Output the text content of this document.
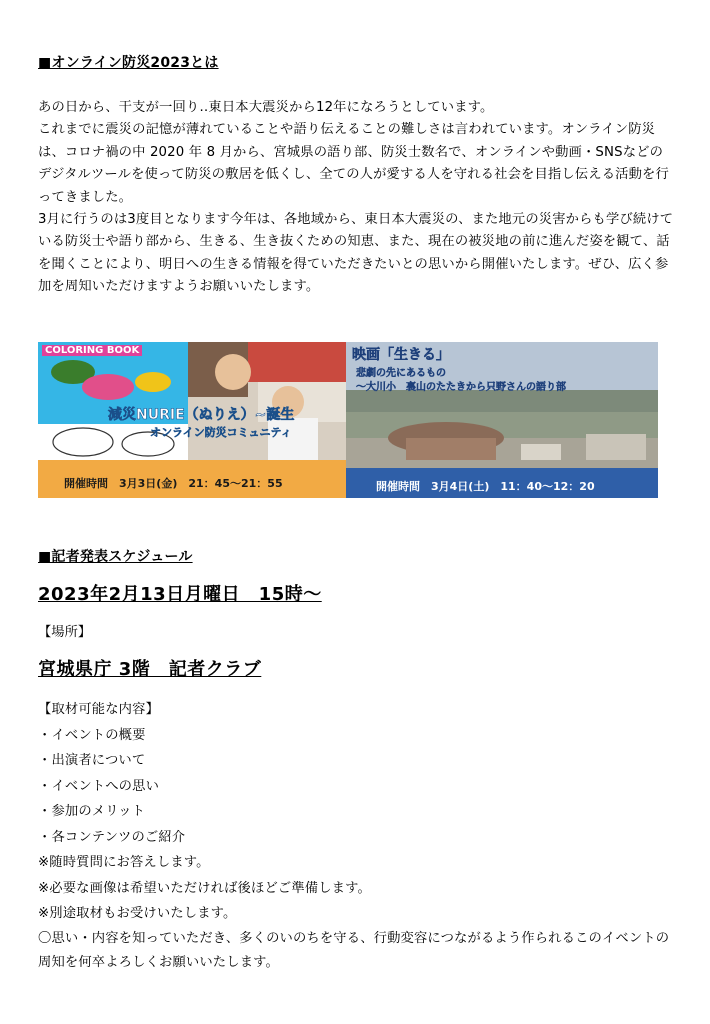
■オンライン防災2023とは

あの日から、干支が一回り‥東日本大震災から12年になろうとしています。

これまでに震災の記憶が薄れていることや語り伝えることの難しさは言われています。オンライン防災は、コロナ禍の中 2020 年 8 月から、宮城県の語り部、防災士数名で、オンラインや動画・SNSなどのデジタルツールを使って防災の敷居を低くし、全ての人が愛する人を守れる社会を目指し伝える活動を行ってきました。

3月に行うのは3度目となります今年は、各地域から、東日本大震災の、また地元の災害からも学び続けている防災士や語り部から、生きる、生き抜くための知恵、また、現在の被災地の前に進んだ姿を観て、話を聞くことにより、明日への生きる情報を得ていただきたいとの思いから開催いたします。ぜひ、広く参加を周知いただけますようお願いいたします。

COLORING BOOK
減災NURIE（ぬりえ）~誕生
オンライン防災コミュニティ
開催時間　3月3日(金)　21：45～21：55
映画「生きる」
悲劇の先にあるもの
～大川小　裏山のたたきから只野さんの語り部
開催時間　3月4日(土)　11：40～12：20
■記者発表スケジュール
2023年2月13日月曜日　15時～
【場所】
宮城県庁 3階　記者クラブ
【取材可能な内容】
・イベントの概要
・出演者について
・イベントへの思い
・参加のメリット
・各コンテンツのご紹介
※随時質問にお答えします。
※必要な画像は希望いただければ後ほどご準備します。
※別途取材もお受けいたします。
〇思い・内容を知っていただき、多くのいのちを守る、行動変容につながるよう作られるこのイベントの周知を何卒よろしくお願いいたします。
